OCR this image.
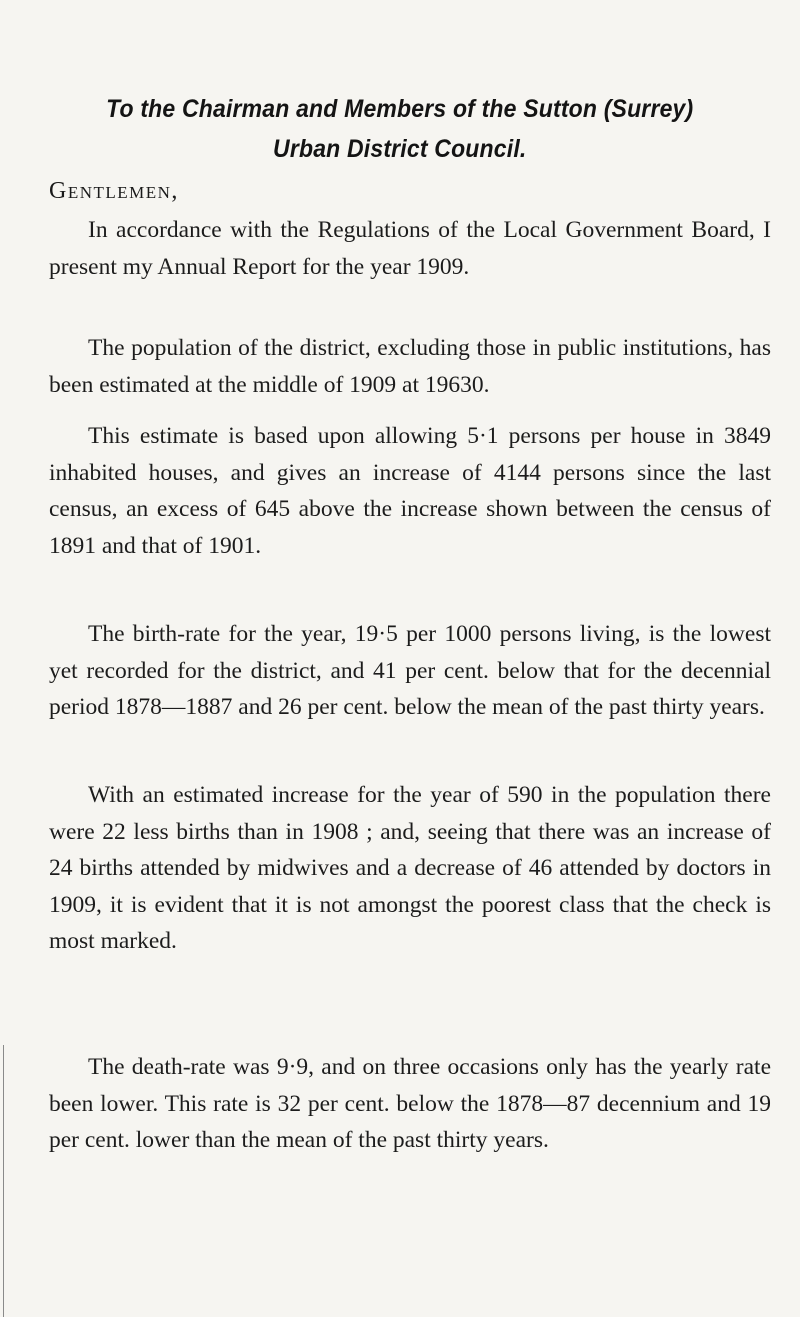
To the Chairman and Members of the Sutton (Surrey)
Urban District Council.
Gentlemen,

In accordance with the Regulations of the Local Government Board, I present my Annual Report for the year 1909.

The population of the district, excluding those in public institutions, has been estimated at the middle of 1909 at 19630.

This estimate is based upon allowing 5·1 persons per house in 3849 inhabited houses, and gives an increase of 4144 persons since the last census, an excess of 645 above the increase shown between the census of 1891 and that of 1901.

The birth-rate for the year, 19·5 per 1000 persons living, is the lowest yet recorded for the district, and 41 per cent. below that for the decennial period 1878—1887 and 26 per cent. below the mean of the past thirty years.

With an estimated increase for the year of 590 in the population there were 22 less births than in 1908 ; and, seeing that there was an increase of 24 births attended by midwives and a decrease of 46 attended by doctors in 1909, it is evident that it is not amongst the poorest class that the check is most marked.

The death-rate was 9·9, and on three occasions only has the yearly rate been lower. This rate is 32 per cent. below the 1878—87 decennium and 19 per cent. lower than the mean of the past thirty years.
